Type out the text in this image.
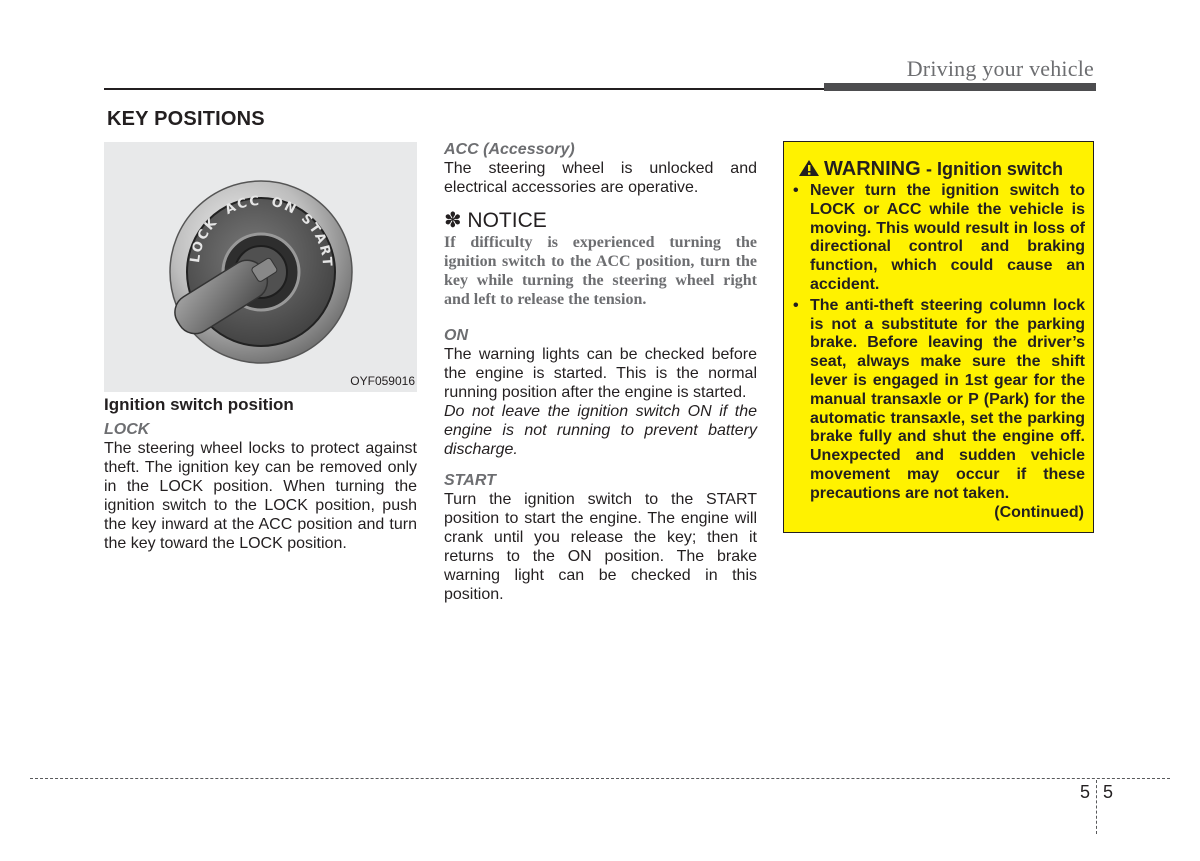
Driving your vehicle
KEY POSITIONS
LOCK
ACC ON
START
OYF059016
Ignition switch position
LOCK

The steering wheel locks to protect against theft. The ignition key can be removed only in the LOCK position. When turning the ignition switch to the LOCK position, push the key inward at the ACC position and turn the key toward the LOCK position.

ACC (Accessory)

The steering wheel is unlocked and electrical accessories are operative.

✽ NOTICE

If difficulty is experienced turning the ignition switch to the ACC position, turn the key while turning the steering wheel right and left to release the tension.

ON

The warning lights can be checked before the engine is started. This is the normal running position after the engine is started.

Do not leave the ignition switch ON if the engine is not running to prevent battery discharge.

START

Turn the ignition switch to the START position to start the engine. The engine will crank until you release the key; then it returns to the ON position. The brake warning light can be checked in this position.

WARNING - Ignition switch
• Never turn the ignition switch to LOCK or ACC while the vehicle is moving. This would result in loss of directional control and braking function, which could cause an accident.
• The anti-theft steering column lock is not a substitute for the parking brake. Before leaving the driver’s seat, always make sure the shift lever is engaged in 1st gear for the manual transaxle or P (Park) for the automatic transaxle, set the parking brake fully and shut the engine off. Unexpected and sudden vehicle movement may occur if these precautions are not taken.
(Continued)
5 5
